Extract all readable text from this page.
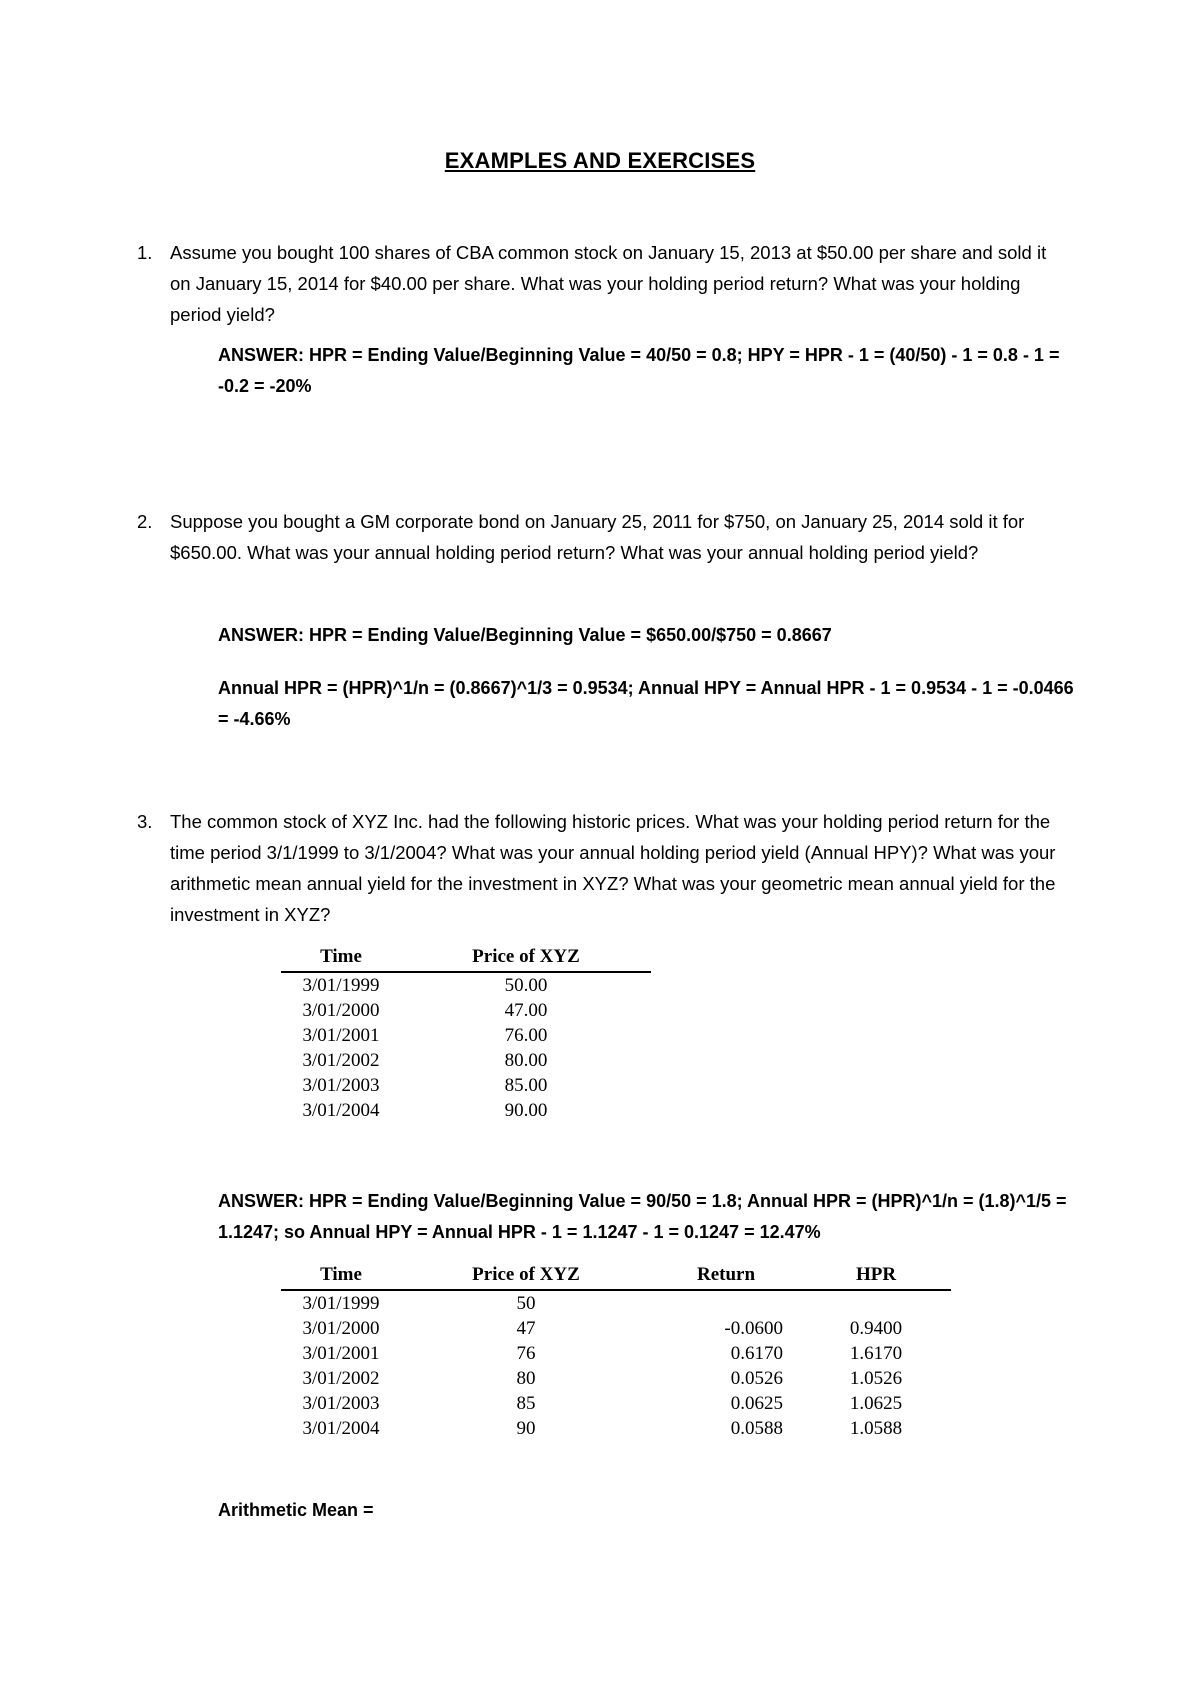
EXAMPLES AND EXERCISES
1. Assume you bought 100 shares of CBA common stock on January 15, 2013 at $50.00 per share and sold it on January 15, 2014 for $40.00 per share. What was your holding period return? What was your holding period yield?

ANSWER: HPR = Ending Value/Beginning Value = 40/50 = 0.8; HPY = HPR - 1 = (40/50) - 1 = 0.8 - 1 = -0.2 = -20%

2. Suppose you bought a GM corporate bond on January 25, 2011 for $750, on January 25, 2014 sold it for $650.00. What was your annual holding period return? What was your annual holding period yield?

ANSWER: HPR = Ending Value/Beginning Value = $650.00/$750 = 0.8667

Annual HPR = (HPR)^1/n = (0.8667)^1/3 = 0.9534; Annual HPY = Annual HPR - 1 = 0.9534 - 1 = -0.0466 = -4.66%

3. The common stock of XYZ Inc. had the following historic prices. What was your holding period return for the time period 3/1/1999 to 3/1/2004? What was your annual holding period yield (Annual HPY)? What was your arithmetic mean annual yield for the investment in XYZ? What was your geometric mean annual yield for the investment in XYZ?

Time	Price of XYZ
3/01/1999	50.00
3/01/2000	47.00
3/01/2001	76.00
3/01/2002	80.00
3/01/2003	85.00
3/01/2004	90.00

ANSWER: HPR = Ending Value/Beginning Value = 90/50 = 1.8; Annual HPR = (HPR)^1/n = (1.8)^1/5 = 1.1247; so Annual HPY = Annual HPR - 1 = 1.1247 - 1 = 0.1247 = 12.47%

Time	Price of XYZ	Return	HPR
3/01/1999	50		
3/01/2000	47	-0.0600	0.9400
3/01/2001	76	0.6170	1.6170
3/01/2002	80	0.0526	1.0526
3/01/2003	85	0.0625	1.0625
3/01/2004	90	0.0588	1.0588
Arithmetic Mean =
